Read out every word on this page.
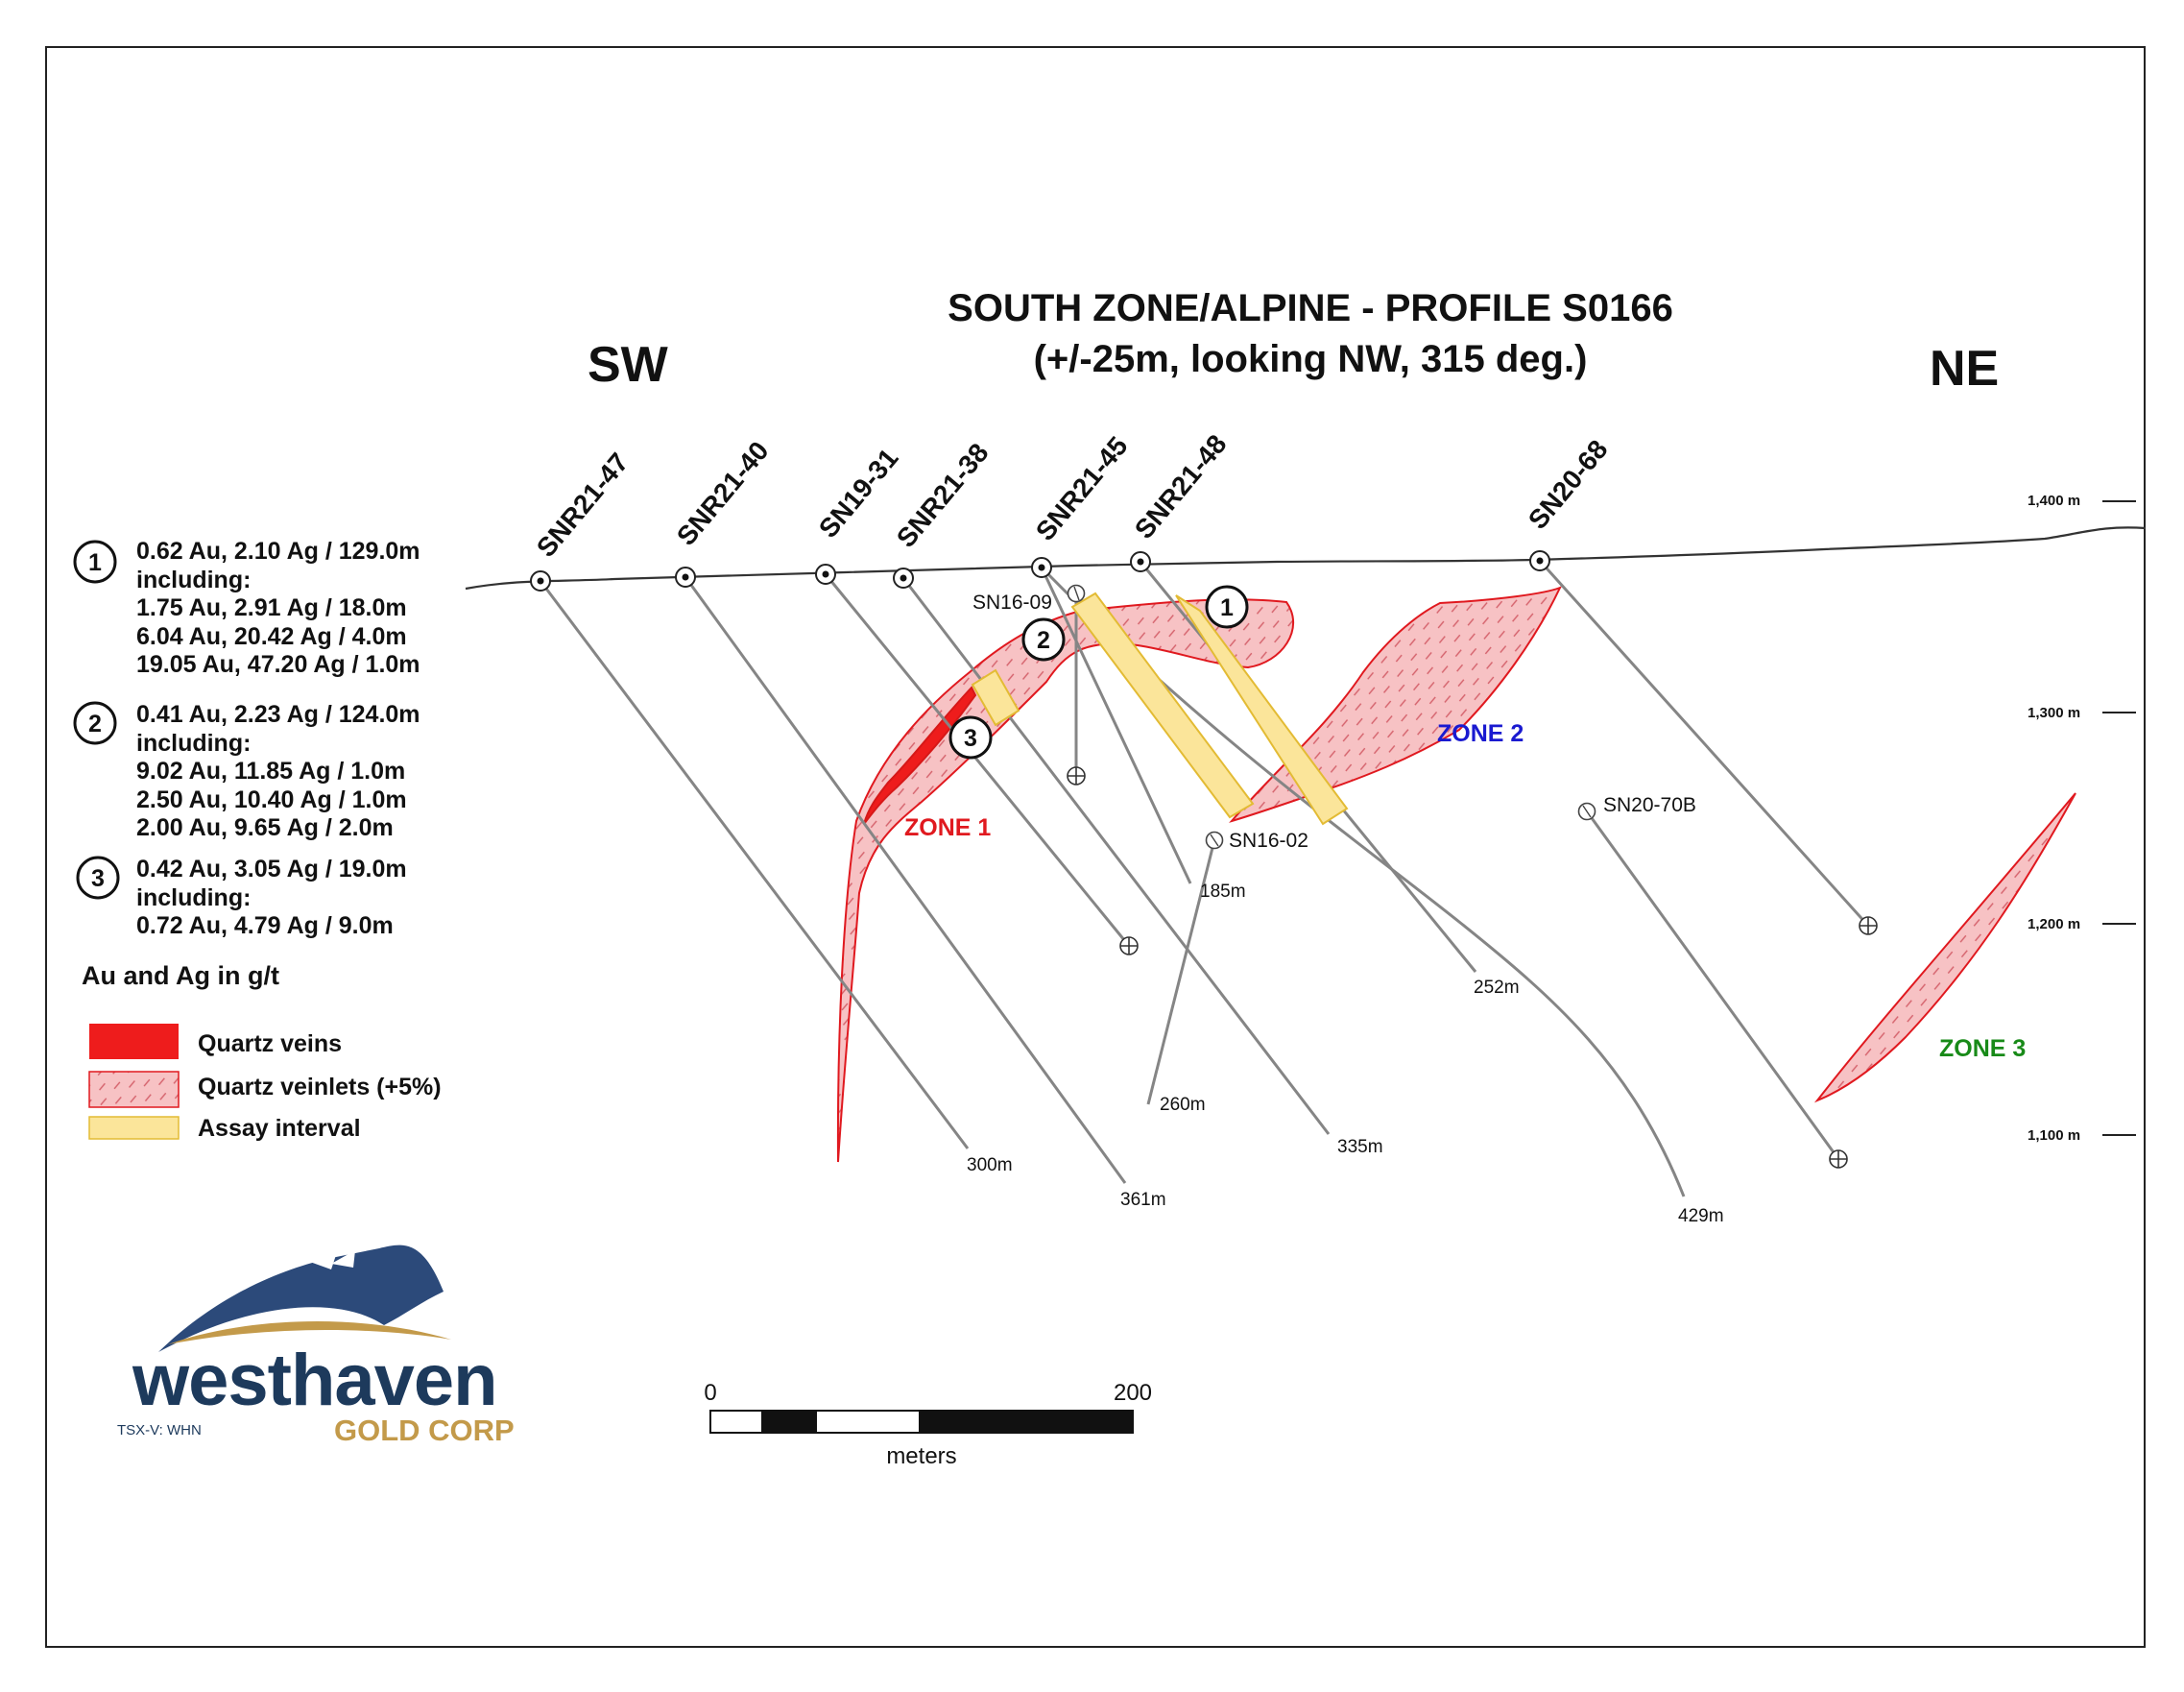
SOUTH ZONE/ALPINE - PROFILE S0166
(+/-25m, looking NW, 315 deg.)
SW	NE
1,400 m
1,300 m
1,200 m
1,100 m
SNR21-47 SNR21-40 SN19-31
SNR21-38 SNR21-45
SNR21-48	SN20-68
SN16-09
SN16-02
SN20-70B
300m
361m
335m
429m
185m
252m
260m
ZONE 1
ZONE 2
ZONE 3
1
2
3
1 0.62 Au, 2.10 Ag / 129.0m
including:
1.75 Au, 2.91 Ag / 18.0m
6.04 Au, 20.42 Ag / 4.0m
19.05 Au, 47.20 Ag / 1.0m
2 0.41 Au, 2.23 Ag / 124.0m
including:
9.02 Au, 11.85 Ag / 1.0m
2.50 Au, 10.40 Ag / 1.0m
2.00 Au, 9.65 Ag / 2.0m
3 0.42 Au, 3.05 Ag / 19.0m
including:
0.72 Au, 4.79 Ag / 9.0m
Au and Ag in g/t
Quartz veins
Quartz veinlets (+5%)
Assay interval
0	200
meters
westhaven
TSX-V: WHN	GOLD CORP
